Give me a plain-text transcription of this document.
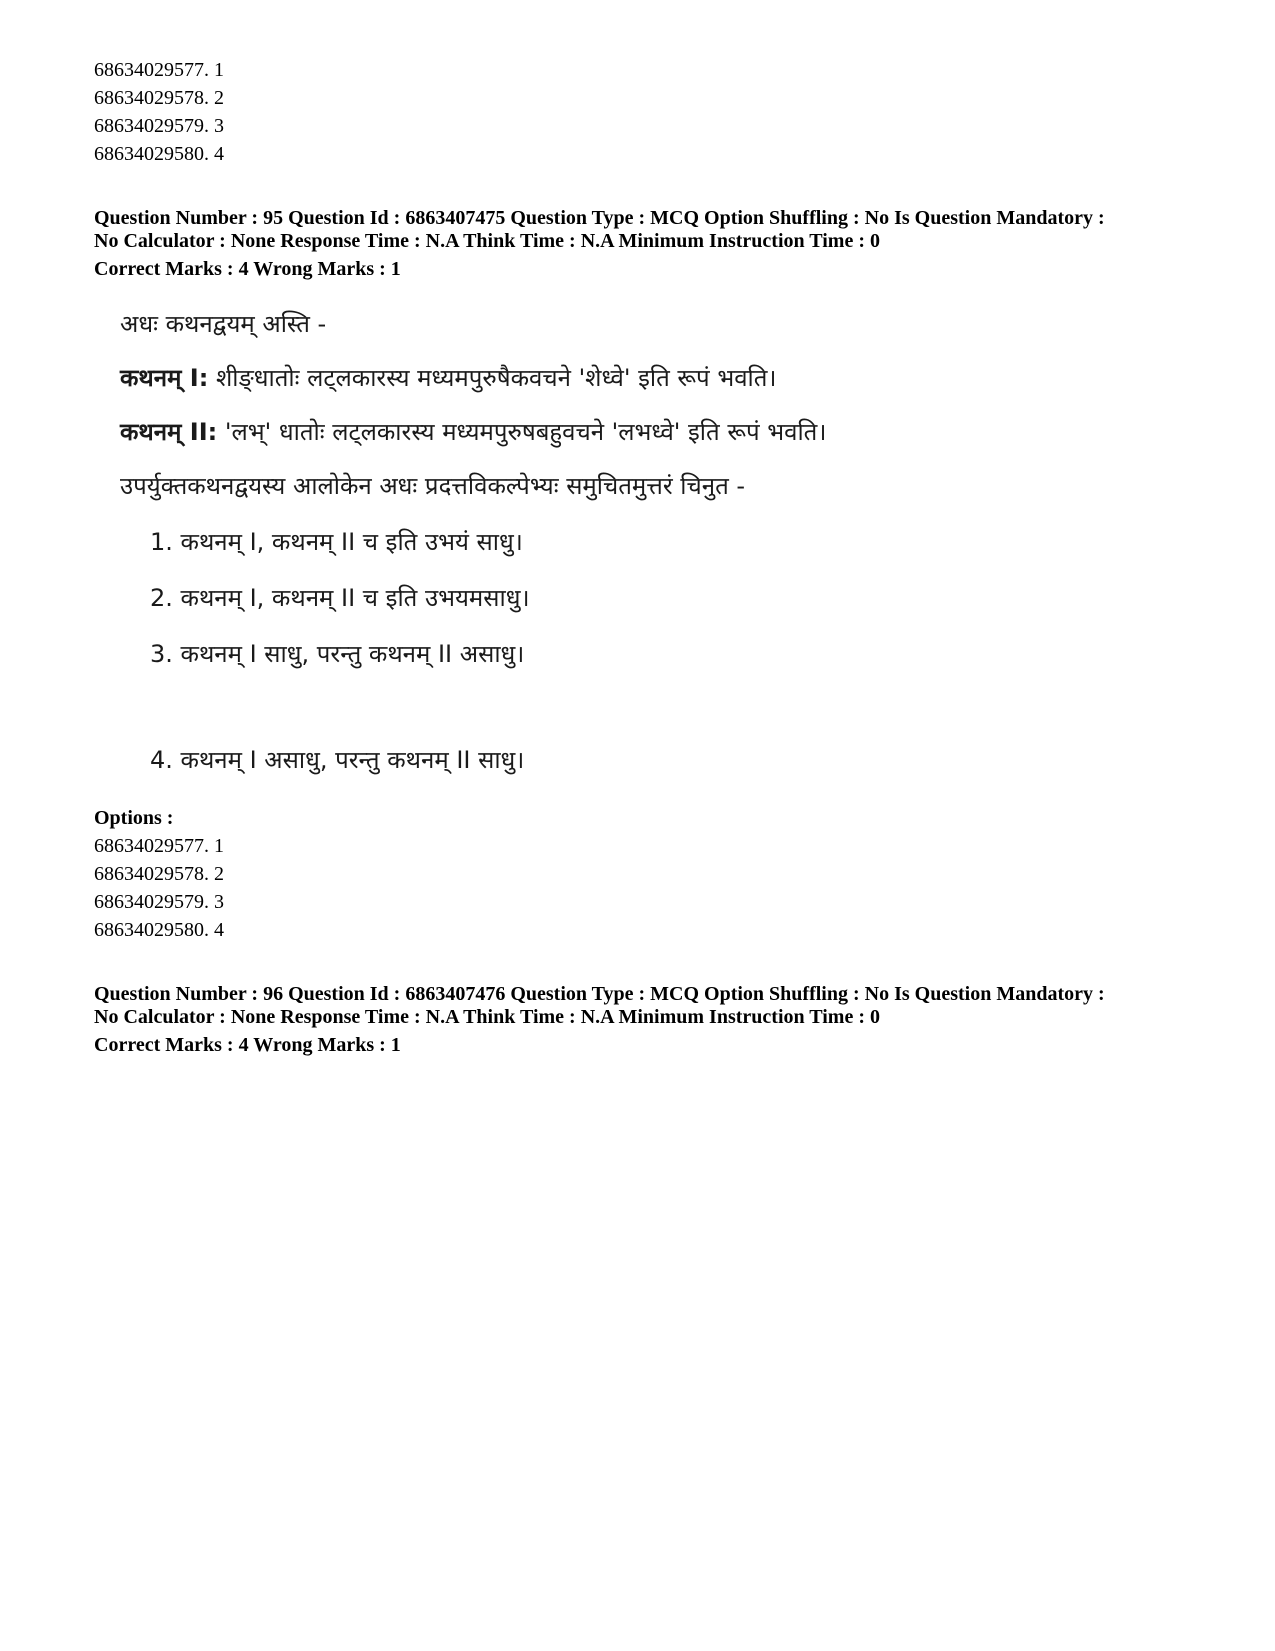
68634029577. 1
68634029578. 2
68634029579. 3
68634029580. 4
Question Number : 95 Question Id : 6863407475 Question Type : MCQ Option Shuffling : No Is Question Mandatory :
No Calculator : None Response Time : N.A Think Time : N.A Minimum Instruction Time : 0
Correct Marks : 4 Wrong Marks : 1
अधः कथनद्वयम् अस्ति -
कथनम् I: शीङ्धातोः लट्लकारस्य मध्यमपुरुषैकवचने 'शेध्वे' इति रूपं भवति।
कथनम् II: 'लभ्' धातोः लट्लकारस्य मध्यमपुरुषबहुवचने 'लभध्वे' इति रूपं भवति।
उपर्युक्तकथनद्वयस्य आलोकेन अधः प्रदत्तविकल्पेभ्यः समुचितमुत्तरं चिनुत -
1. कथनम् I, कथनम् II च इति उभयं साधु।
2. कथनम् I, कथनम् II च इति उभयमसाधु।
3. कथनम् I साधु, परन्तु कथनम् II असाधु।
4. कथनम् I असाधु, परन्तु कथनम् II साधु।
Options :
68634029577. 1
68634029578. 2
68634029579. 3
68634029580. 4
Question Number : 96 Question Id : 6863407476 Question Type : MCQ Option Shuffling : No Is Question Mandatory :
No Calculator : None Response Time : N.A Think Time : N.A Minimum Instruction Time : 0
Correct Marks : 4 Wrong Marks : 1
